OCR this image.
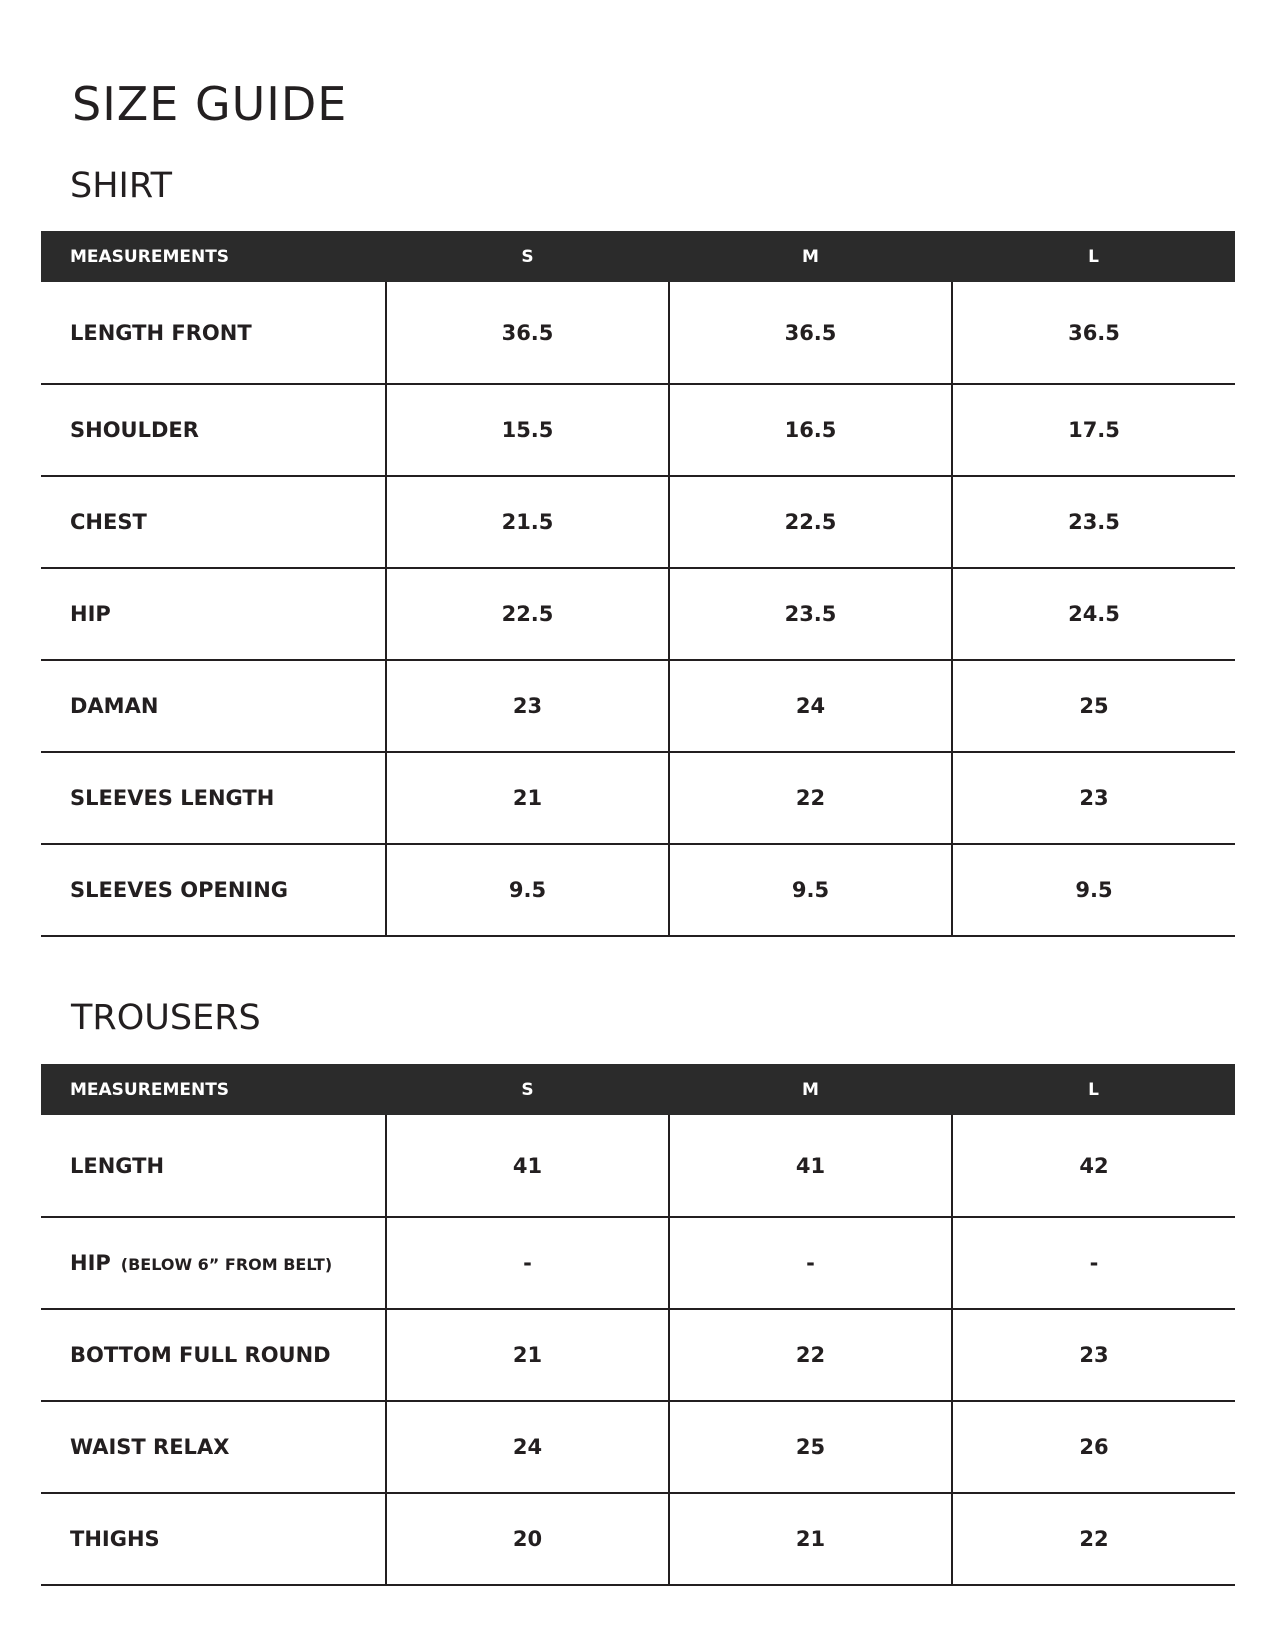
SIZE GUIDE
SHIRT
MEASUREMENTS	S	M	L
LENGTH FRONT	36.5	36.5	36.5
SHOULDER	15.5	16.5	17.5
CHEST	21.5	22.5	23.5
HIP	22.5	23.5	24.5
DAMAN	23	24	25
SLEEVES LENGTH	21	22	23
SLEEVES OPENING	9.5	9.5	9.5
TROUSERS
MEASUREMENTS	S	M	L
LENGTH	41	41	42
HIP (BELOW 6” FROM BELT)	-	-	-
BOTTOM FULL ROUND	21	22	23
WAIST RELAX	24	25	26
THIGHS	20	21	22
